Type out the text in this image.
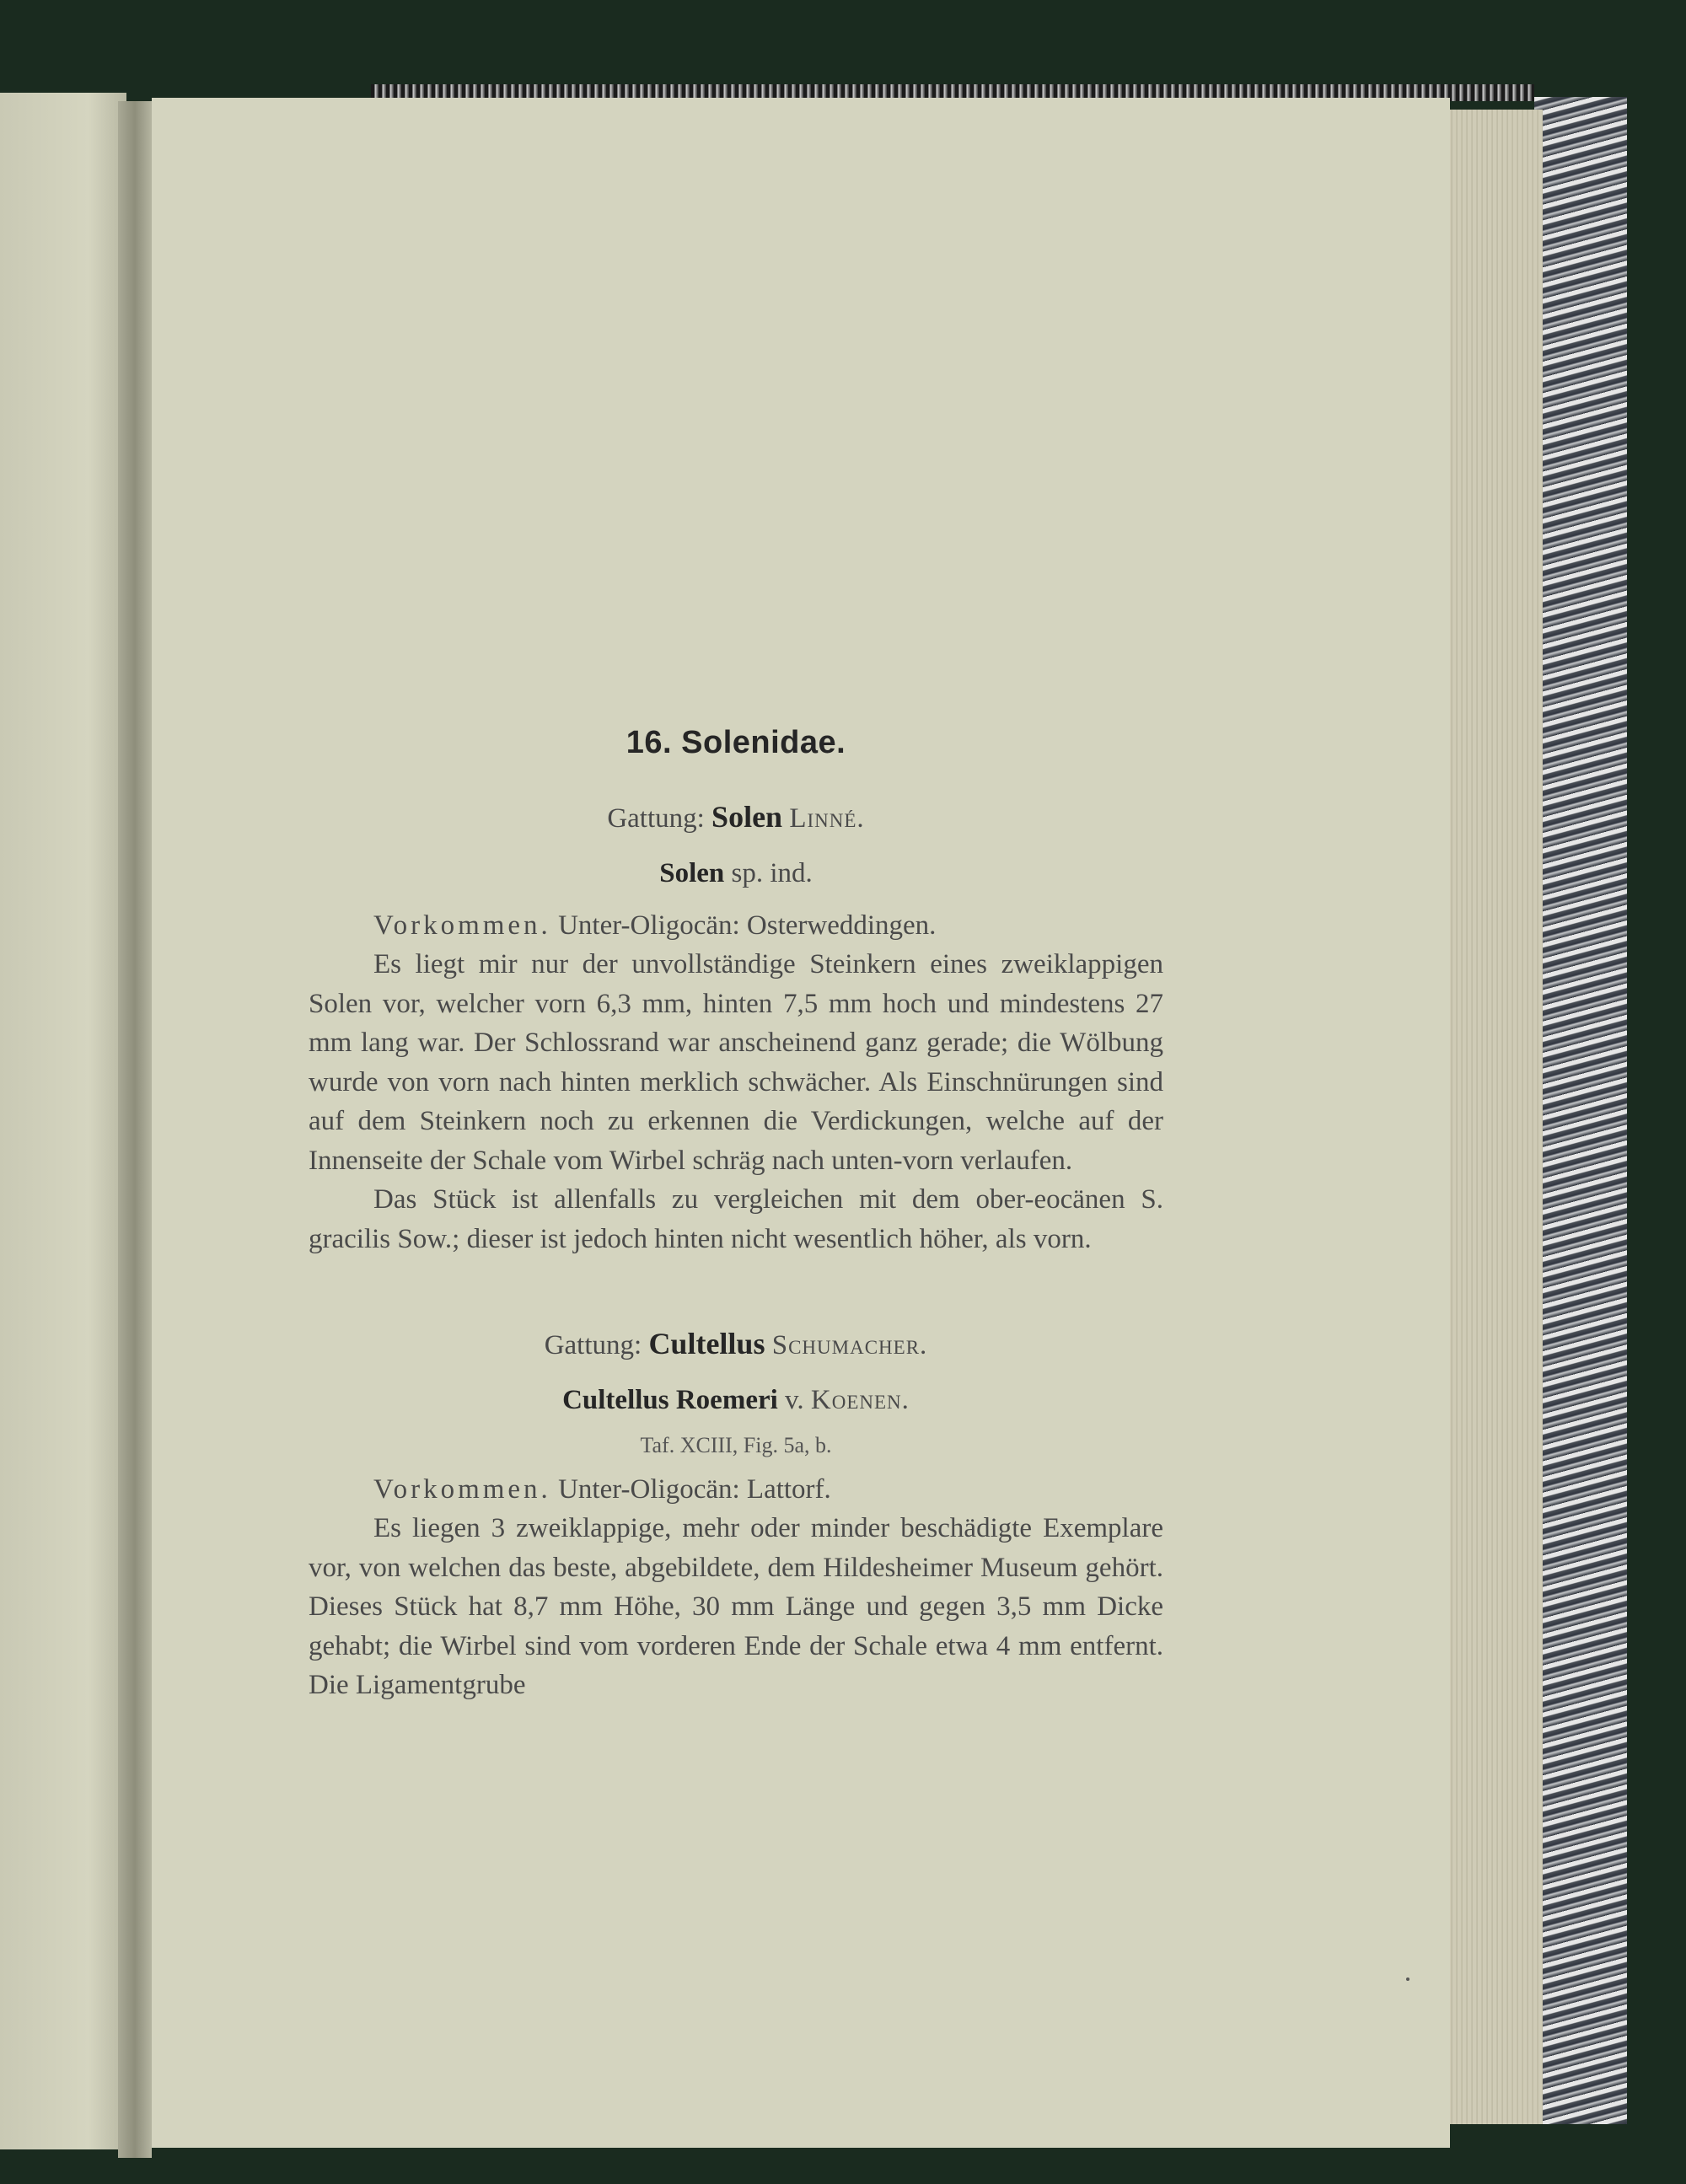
16. Solenidae.

Gattung: Solen Linné.

Solen sp. ind.

Vorkommen. Unter-Oligocän: Osterweddingen.

Es liegt mir nur der unvollständige Steinkern eines zweiklappigen Solen vor, welcher vorn 6,3 mm, hinten 7,5 mm hoch und mindestens 27 mm lang war. Der Schlossrand war anscheinend ganz gerade; die Wölbung wurde von vorn nach hinten merklich schwächer. Als Einschnürungen sind auf dem Steinkern noch zu erkennen die Verdickungen, welche auf der Innenseite der Schale vom Wirbel schräg nach unten-vorn verlaufen.

Das Stück ist allenfalls zu vergleichen mit dem ober-eocänen S. gracilis Sow.; dieser ist jedoch hinten nicht wesentlich höher, als vorn.

Gattung: Cultellus Schumacher.

Cultellus Roemeri v. Koenen.

Taf. XCIII, Fig. 5a, b.

Vorkommen. Unter-Oligocän: Lattorf.

Es liegen 3 zweiklappige, mehr oder minder beschädigte Exemplare vor, von welchen das beste, abgebildete, dem Hildesheimer Museum gehört. Dieses Stück hat 8,7 mm Höhe, 30 mm Länge und gegen 3,5 mm Dicke gehabt; die Wirbel sind vom vorderen Ende der Schale etwa 4 mm entfernt. Die Ligamentgrube
